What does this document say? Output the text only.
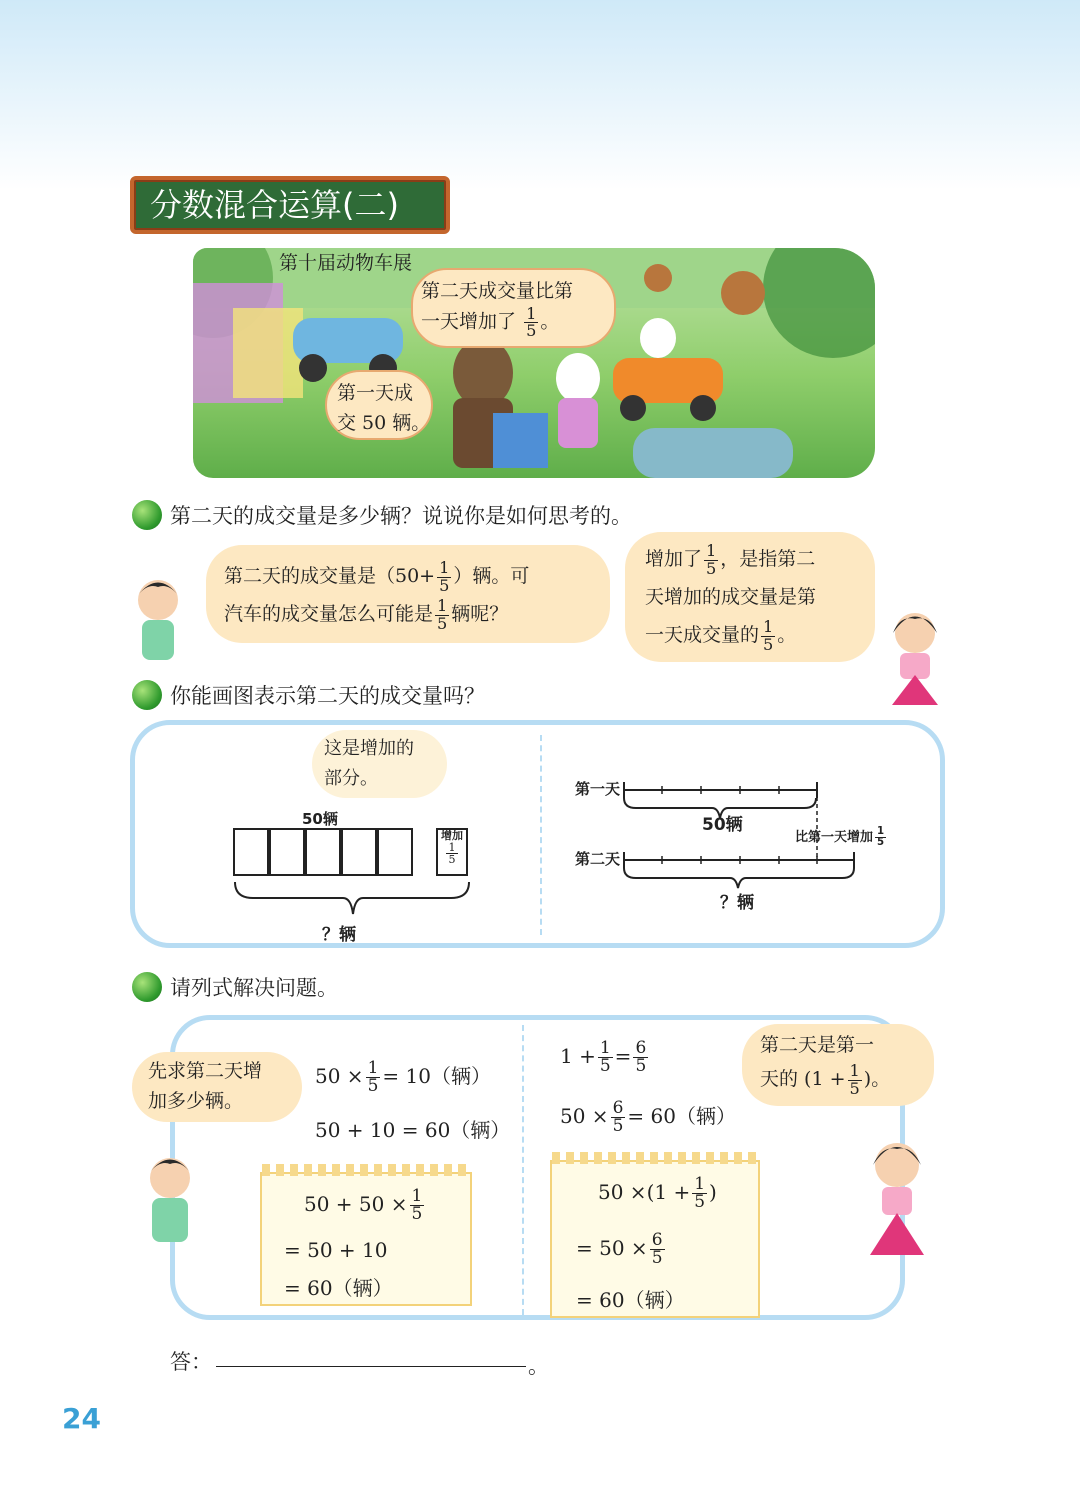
分数混合运算(二)
第十届动物车展
第二天成交量比第
一天增加了 $\frac{1}{5}$ 。
第一天成
交 50 辆。
第二天的成交量是多少辆？说说你是如何思考的。
第二天的成交量是（$50+ \frac{1}{5}$ ）辆。可
汽车的成交量怎么可能是 $\frac{1}{5}$ 辆呢？
增加了 $\frac{1}{5}$ ，是指第二
天增加的成交量是第
一天成交量的 $\frac{1}{5}$ 。
你能画图表示第二天的成交量吗？
这是增加的
部分。
50辆
增加
$\frac{1}{5}$
？辆
第一天
50辆
比第一天增加 $\frac{1}{5}$
第二天
？辆
请列式解决问题。
先求第二天增
加多少辆。
$50 \times \frac{1}{5} = 10$（辆）
50 + 10 = 60（辆）
$50 + 50 \times \frac{1}{5}$
= 50 + 10
= 60（辆）
$1 + \frac{1}{5} = \frac{6}{5}$
$50 \times \frac{6}{5} = 60$（辆）
$50 \times(1 + \frac{1}{5}$ )
= $50 \times \frac{6}{5}$
= 60（辆）
第二天是第一
天的 ($1 + \frac{1}{5}$ )。
答：	。
24
